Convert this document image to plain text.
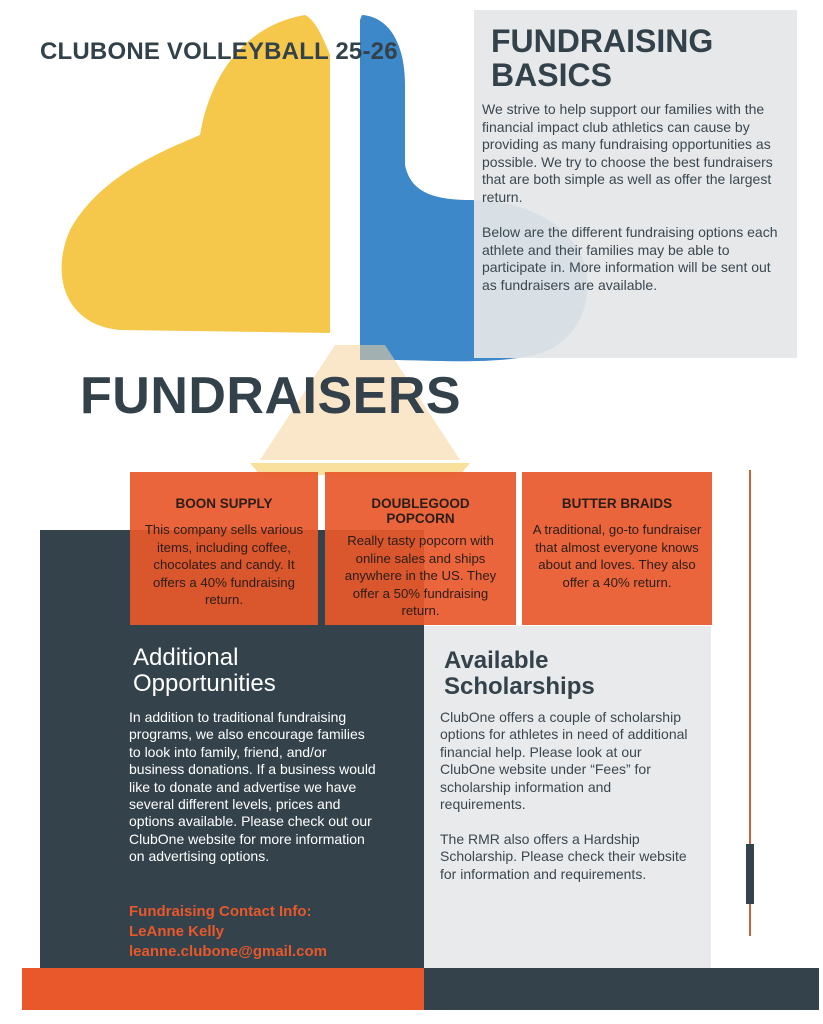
CLUBONE VOLLEYBALL 25-26	FUNDRAISING
BASICS

We strive to help support our families with the financial impact club athletics can cause by providing as many fundraising opportunities as possible. We try to choose the best fundraisers that are both simple as well as offer the largest return.

Below are the different fundraising options each athlete and their families may be able to participate in. More information will be sent out as fundraisers are available.

FUNDRAISERS
BOON SUPPLY
This company sells various items, including coffee, chocolates and candy. It offers a 40% fundraising return.
DOUBLEGOOD POPCORN
Really tasty popcorn with online sales and ships anywhere in the US. They offer a 50% fundraising return.
BUTTER BRAIDS
A traditional, go-to fundraiser that almost everyone knows about and loves. They also offer a 40% return.
Additional
Opportunities
In addition to traditional fundraising programs, we also encourage families to look into family, friend, and/or business donations. If a business would like to donate and advertise we have several different levels, prices and options available. Please check out our ClubOne website for more information on advertising options.
Fundraising Contact Info:
LeAnne Kelly
leanne.clubone@gmail.com
Available
Scholarships

ClubOne offers a couple of scholarship options for athletes in need of additional financial help. Please look at our ClubOne website under “Fees” for scholarship information and requirements.

The RMR also offers a Hardship Scholarship. Please check their website for information and requirements.
